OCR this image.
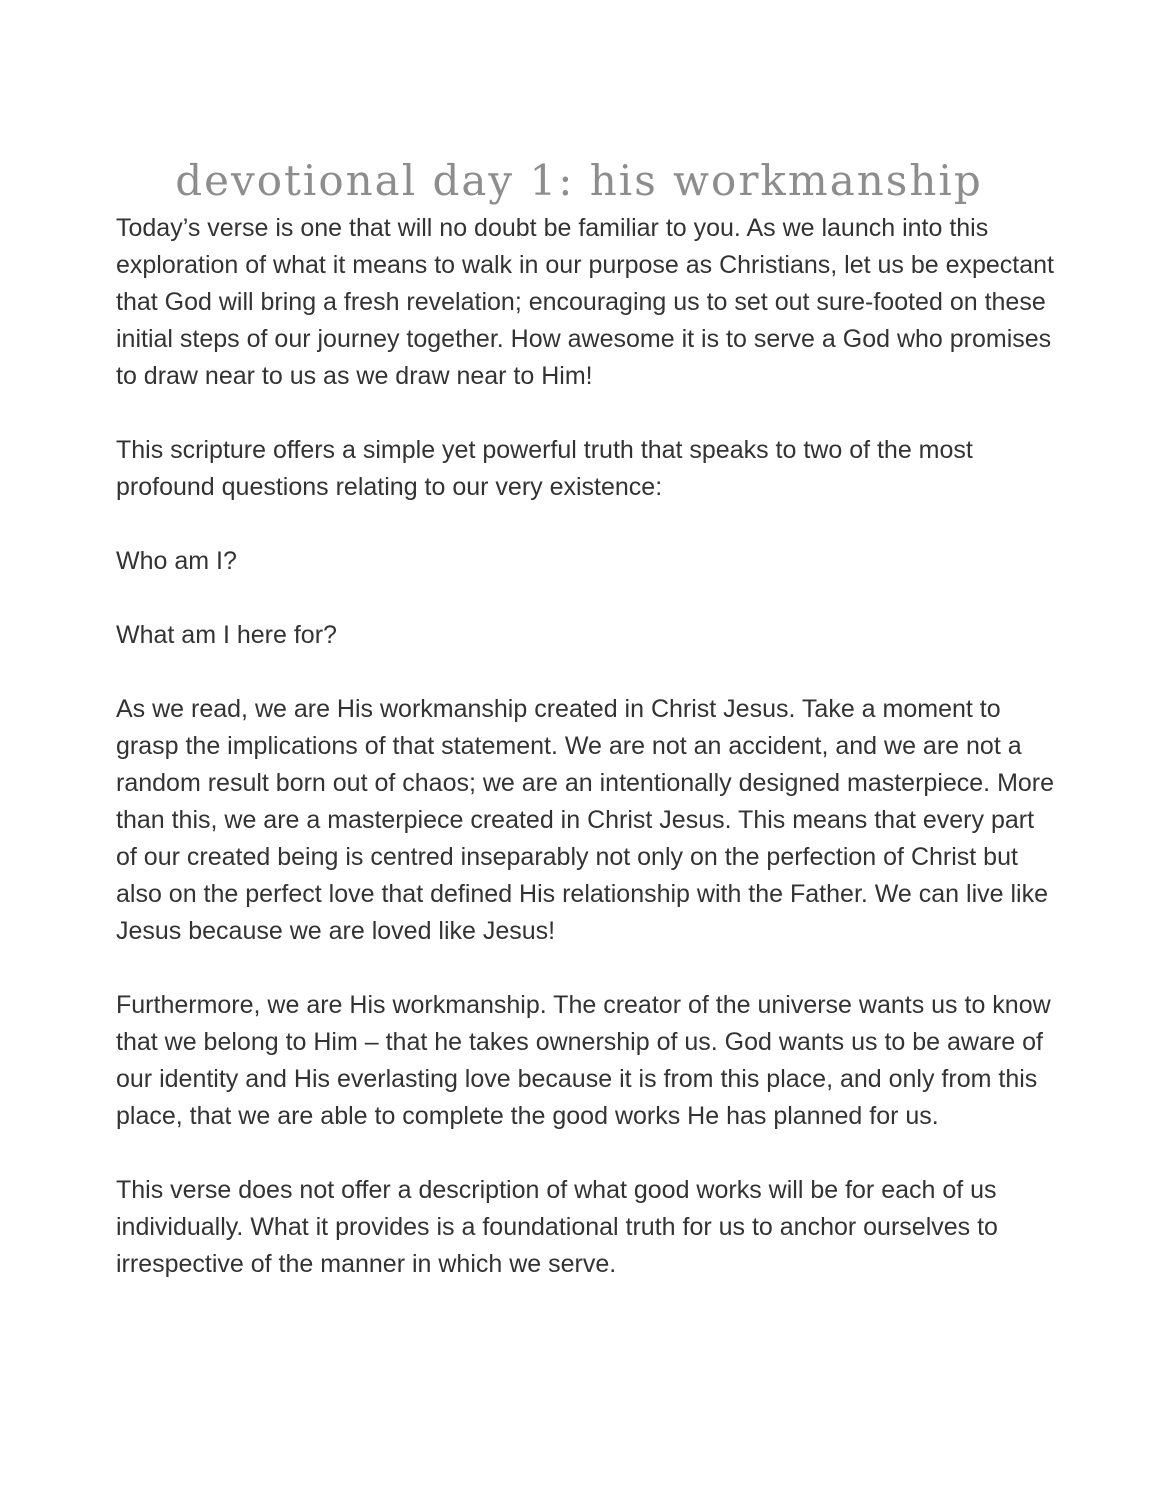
devotional day 1: his workmanship

Today’s verse is one that will no doubt be familiar to you. As we launch into this exploration of what it means to walk in our purpose as Christians, let us be expectant that God will bring a fresh revelation; encouraging us to set out sure-footed on these initial steps of our journey together. How awesome it is to serve a God who promises to draw near to us as we draw near to Him!

This scripture offers a simple yet powerful truth that speaks to two of the most profound questions relating to our very existence:

Who am I?

What am I here for?

As we read, we are His workmanship created in Christ Jesus. Take a moment to grasp the implications of that statement. We are not an accident, and we are not a random result born out of chaos; we are an intentionally designed masterpiece. More than this, we are a masterpiece created in Christ Jesus. This means that every part of our created being is centred inseparably not only on the perfection of Christ but also on the perfect love that defined His relationship with the Father. We can live like Jesus because we are loved like Jesus!

Furthermore, we are His workmanship. The creator of the universe wants us to know that we belong to Him – that he takes ownership of us. God wants us to be aware of our identity and His everlasting love because it is from this place, and only from this place, that we are able to complete the good works He has planned for us.

This verse does not offer a description of what good works will be for each of us individually. What it provides is a foundational truth for us to anchor ourselves to irrespective of the manner in which we serve.
